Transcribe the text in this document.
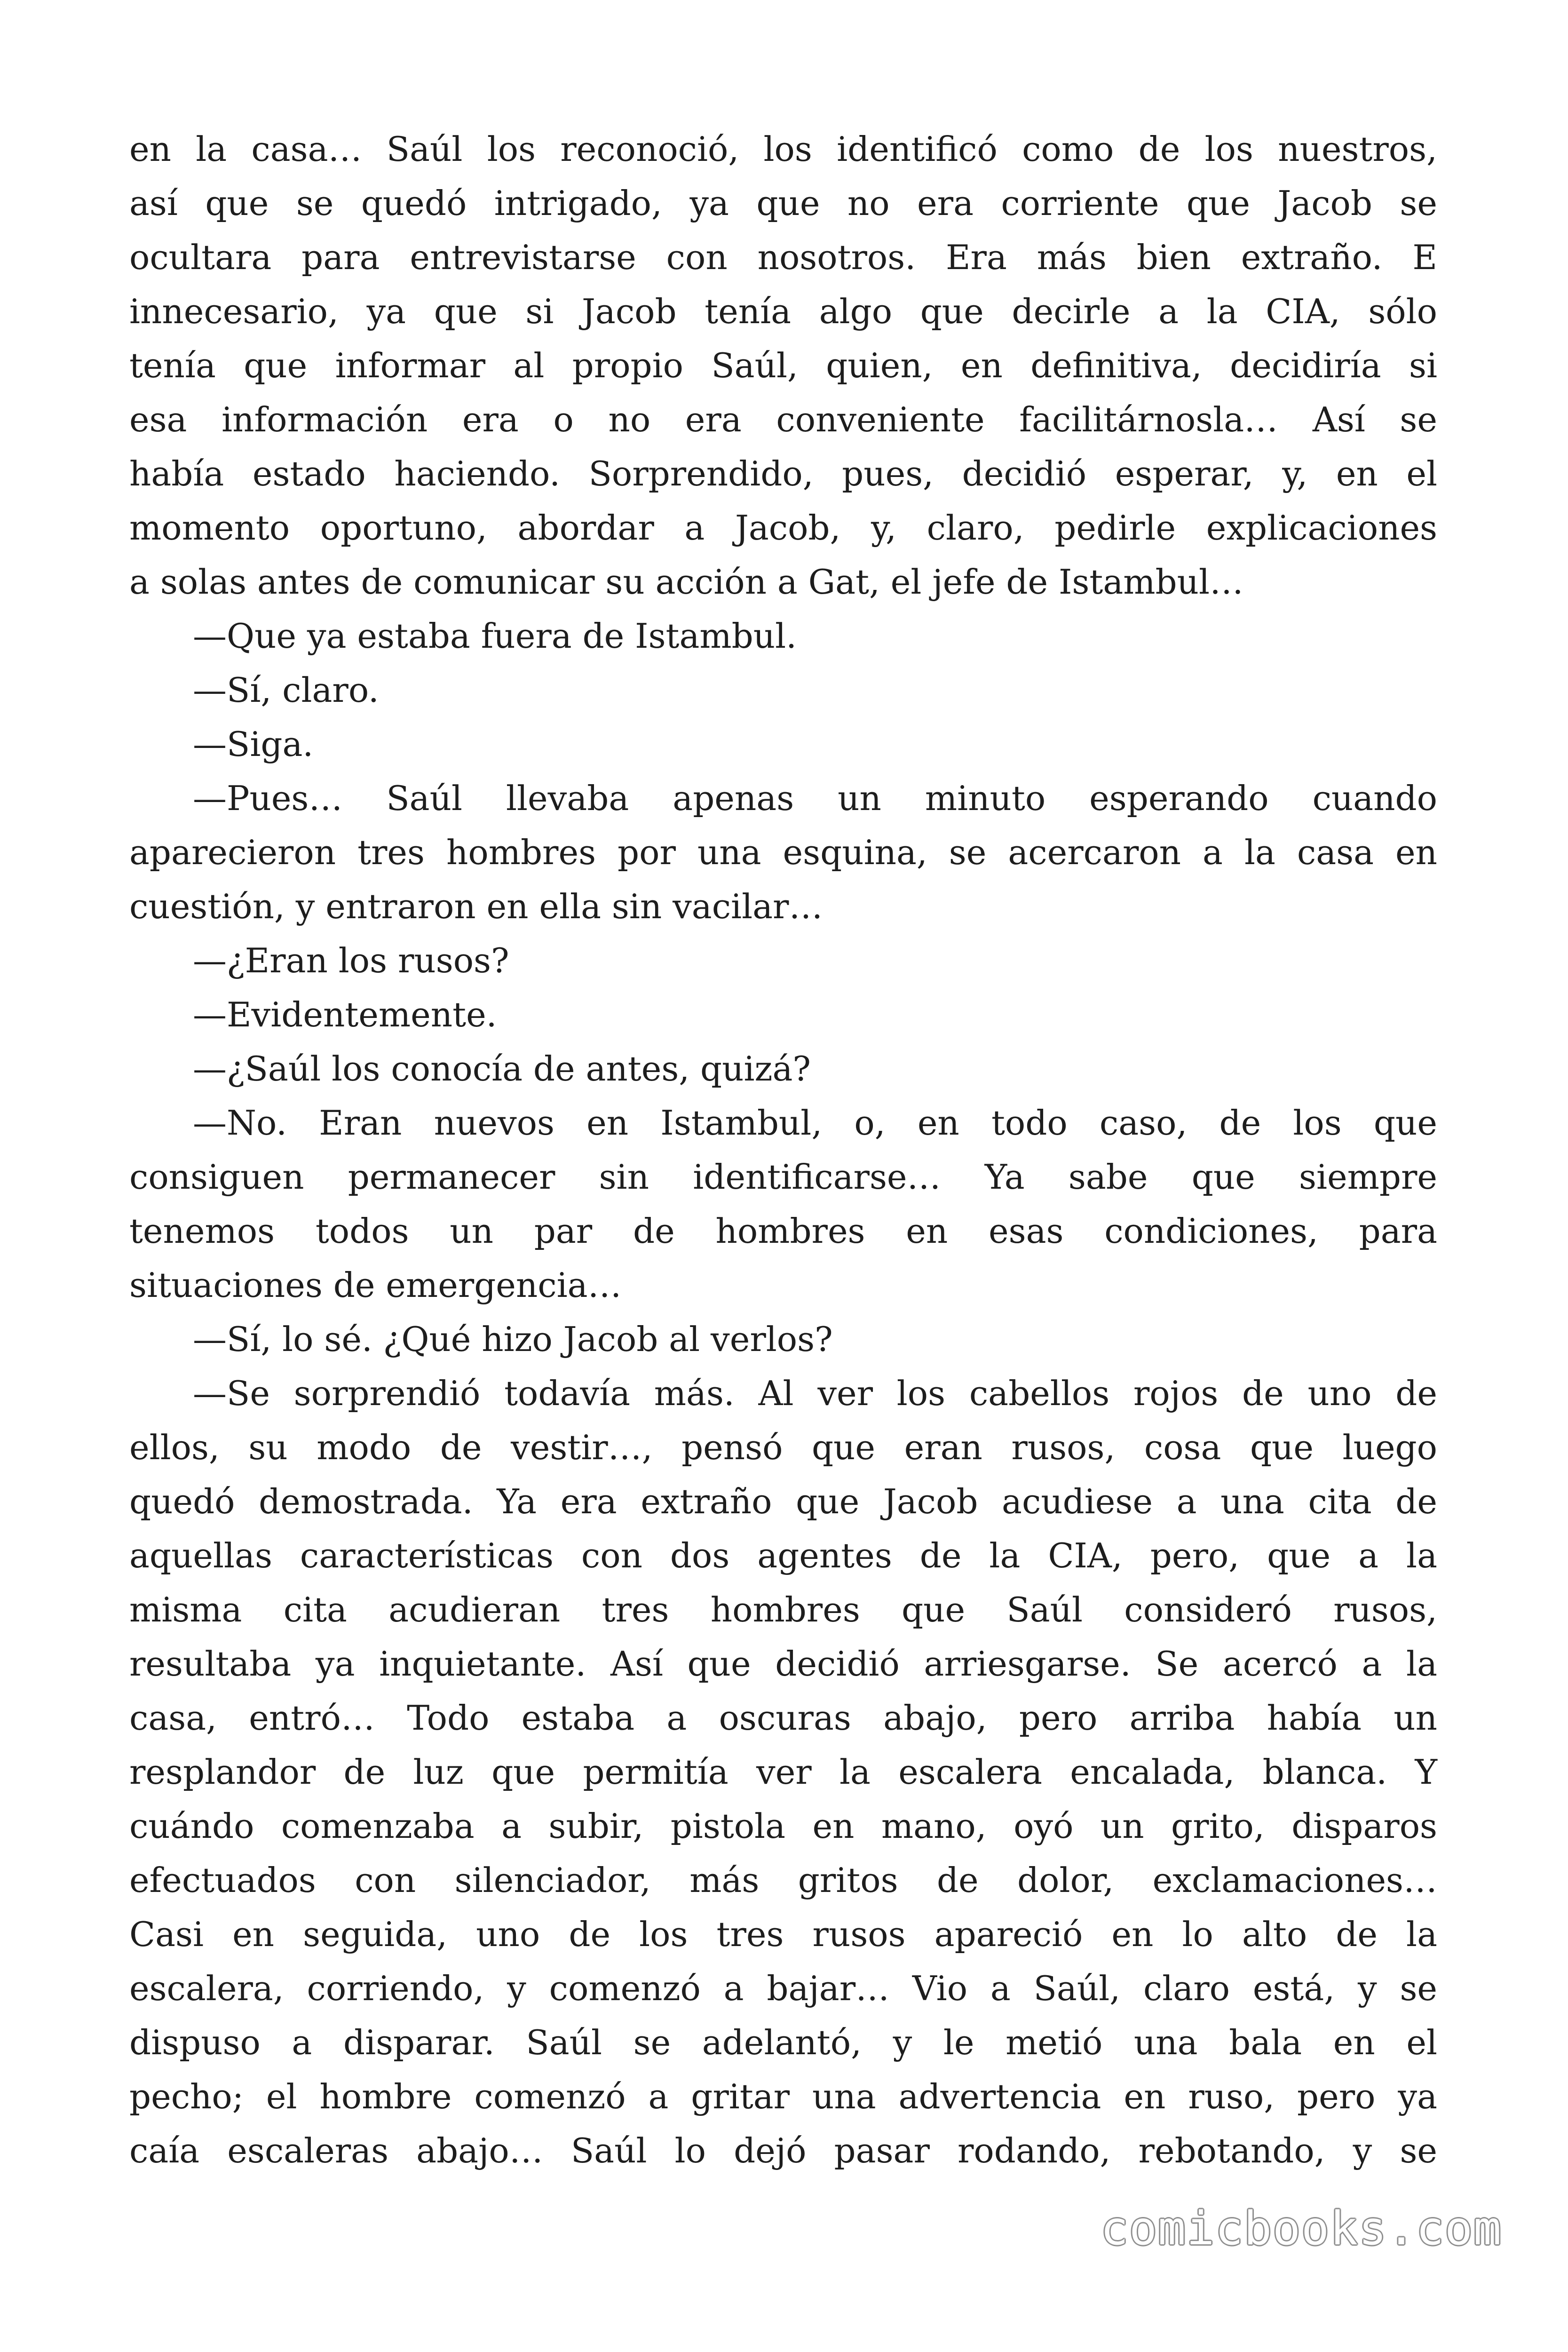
en la casa… Saúl los reconoció, los identificó como de los nuestros,
así que se quedó intrigado, ya que no era corriente que Jacob se
ocultara para entrevistarse con nosotros. Era más bien extraño. E
innecesario, ya que si Jacob tenía algo que decirle a la CIA, sólo
tenía que informar al propio Saúl, quien, en definitiva, decidiría si
esa información era o no era conveniente facilitárnosla… Así se
había estado haciendo. Sorprendido, pues, decidió esperar, y, en el
momento oportuno, abordar a Jacob, y, claro, pedirle explicaciones
a solas antes de comunicar su acción a Gat, el jefe de Istambul…
—Que ya estaba fuera de Istambul.
—Sí, claro.
—Siga.
—Pues… Saúl llevaba apenas un minuto esperando cuando
aparecieron tres hombres por una esquina, se acercaron a la casa en
cuestión, y entraron en ella sin vacilar…
—¿Eran los rusos?
—Evidentemente.
—¿Saúl los conocía de antes, quizá?
—No. Eran nuevos en Istambul, o, en todo caso, de los que
consiguen permanecer sin identificarse… Ya sabe que siempre
tenemos todos un par de hombres en esas condiciones, para
situaciones de emergencia…
—Sí, lo sé. ¿Qué hizo Jacob al verlos?
—Se sorprendió todavía más. Al ver los cabellos rojos de uno de
ellos, su modo de vestir…, pensó que eran rusos, cosa que luego
quedó demostrada. Ya era extraño que Jacob acudiese a una cita de
aquellas características con dos agentes de la CIA, pero, que a la
misma cita acudieran tres hombres que Saúl consideró rusos,
resultaba ya inquietante. Así que decidió arriesgarse. Se acercó a la
casa, entró… Todo estaba a oscuras abajo, pero arriba había un
resplandor de luz que permitía ver la escalera encalada, blanca. Y
cuándo comenzaba a subir, pistola en mano, oyó un grito, disparos
efectuados con silenciador, más gritos de dolor, exclamaciones…
Casi en seguida, uno de los tres rusos apareció en lo alto de la
escalera, corriendo, y comenzó a bajar… Vio a Saúl, claro está, y se
dispuso a disparar. Saúl se adelantó, y le metió una bala en el
pecho; el hombre comenzó a gritar una advertencia en ruso, pero ya
caía escaleras abajo… Saúl lo dejó pasar rodando, rebotando, y se
comicbooks.com
